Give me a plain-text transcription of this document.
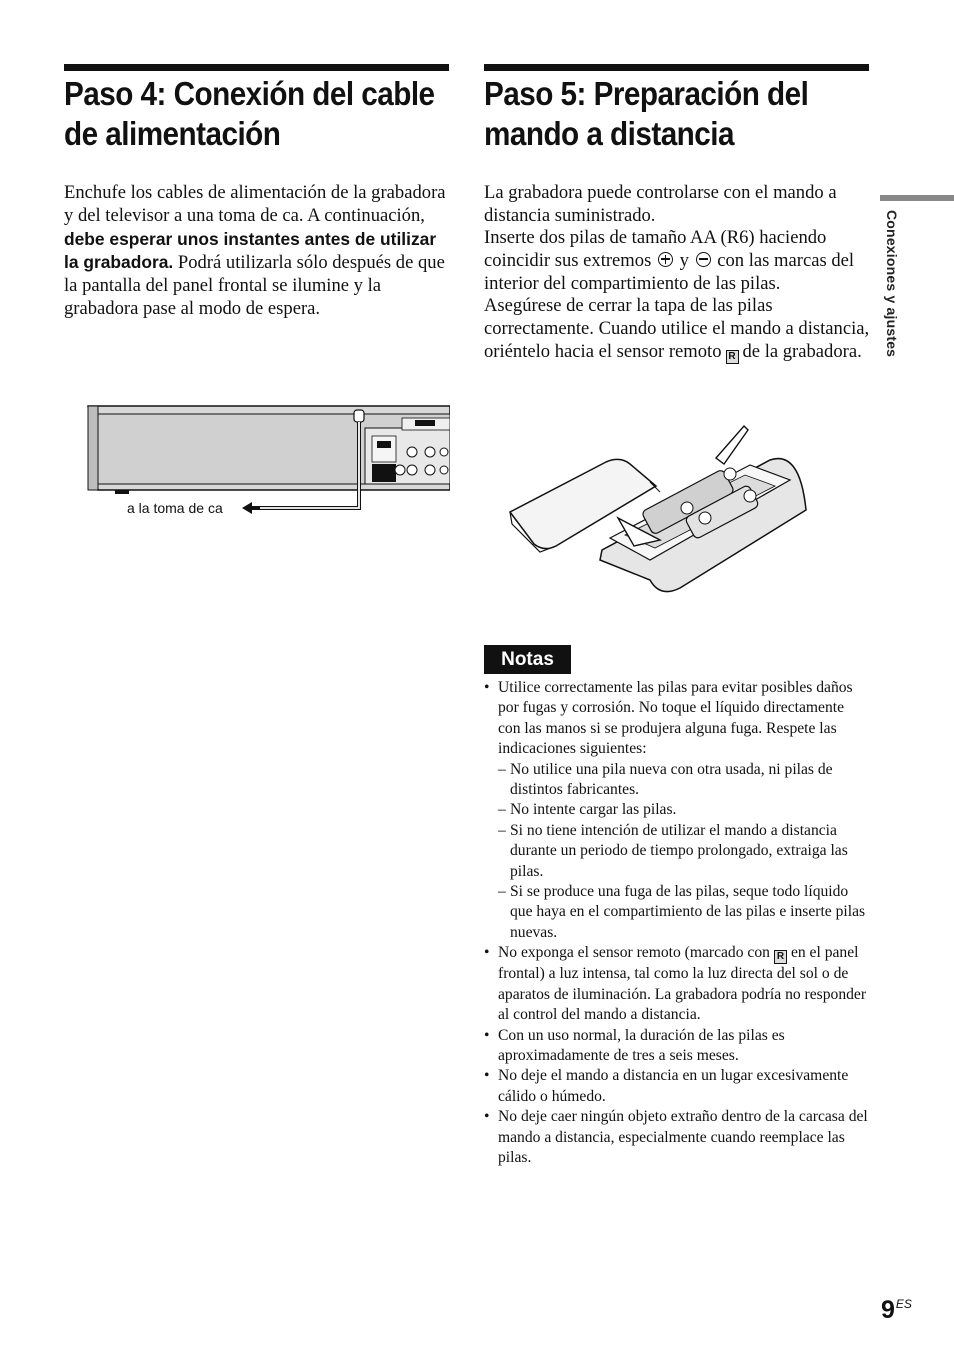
Paso 4: Conexión del cable
de alimentación

Enchufe los cables de alimentación de la grabadora y del televisor a una toma de ca. A continuación, debe esperar unos instantes antes de utilizar la grabadora. Podrá utilizarla sólo después de que la pantalla del panel frontal se ilumine y la grabadora pase al modo de espera.

a la toma de ca
Paso 5: Preparación del
mando a distancia

La grabadora puede controlarse con el mando a distancia suministrado.

Inserte dos pilas de tamaño AA (R6) haciendo coincidir sus extremos y con las marcas del interior del compartimiento de las pilas.

Asegúrese de cerrar la tapa de las pilas correctamente. Cuando utilice el mando a distancia, oriéntelo hacia el sensor remoto R de la grabadora.	Conexiones y ajustes
Notas
• Utilice correctamente las pilas para evitar posibles daños por fugas y corrosión. No toque el líquido directamente con las manos si se produjera alguna fuga. Respete las indicaciones siguientes:
– No utilice una pila nueva con otra usada, ni pilas de distintos fabricantes.
– No intente cargar las pilas.
– Si no tiene intención de utilizar el mando a distancia durante un periodo de tiempo prolongado, extraiga las pilas.
– Si se produce una fuga de las pilas, seque todo líquido que haya en el compartimiento de las pilas e inserte pilas nuevas.
• No exponga el sensor remoto (marcado con R en el panel frontal) a luz intensa, tal como la luz directa del sol o de aparatos de iluminación. La grabadora podría no responder al control del mando a distancia.
• Con un uso normal, la duración de las pilas es aproximadamente de tres a seis meses.
• No deje el mando a distancia en un lugar excesivamente cálido o húmedo.
• No deje caer ningún objeto extraño dentro de la carcasa del mando a distancia, especialmente cuando reemplace las pilas.
$9^{ES}$
